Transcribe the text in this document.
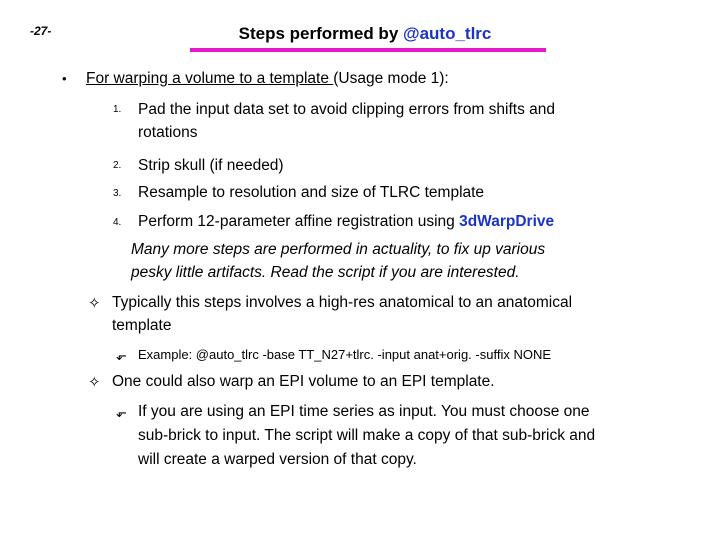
-27-	Steps performed by @auto_tlrc
• For warping a volume to a template (Usage mode 1):
1. Pad the input data set to avoid clipping errors from shifts and
rotations
2. Strip skull (if needed)
3. Resample to resolution and size of TLRC template
4. Perform 12-parameter affine registration using 3dWarpDrive
Many more steps are performed in actuality, to fix up various
pesky little artifacts. Read the script if you are interested.
✧ Typically this steps involves a high-res anatomical to an anatomical
template
⬐ Example: @auto_tlrc -base TT_N27+tlrc. -input anat+orig. -suffix NONE
✧ One could also warp an EPI volume to an EPI template.
⬐ If you are using an EPI time series as input. You must choose one
sub-brick to input. The script will make a copy of that sub-brick and
will create a warped version of that copy.
